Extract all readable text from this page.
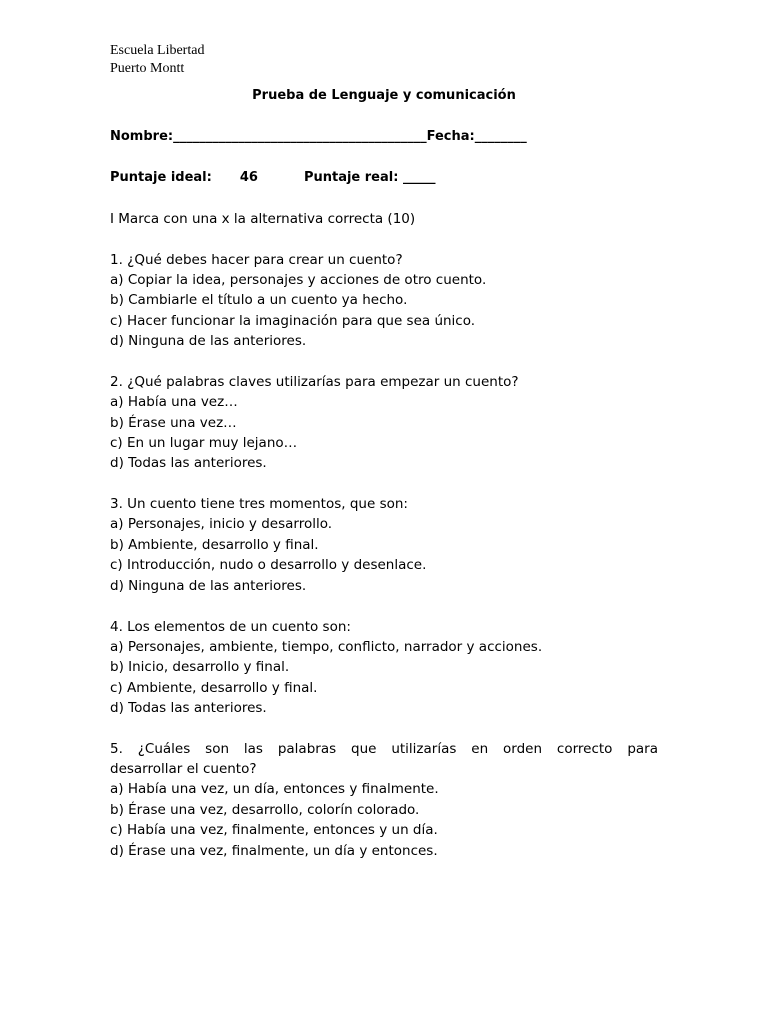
Escuela Libertad
Puerto Montt
Prueba de Lenguaje y comunicación
Nombre:_______________________________________Fecha:________
Puntaje ideal: 46	Puntaje real: _____
I Marca con una x la alternativa correcta (10)
1. ¿Qué debes hacer para crear un cuento?
a) Copiar la idea, personajes y acciones de otro cuento.
b) Cambiarle el título a un cuento ya hecho.
c) Hacer funcionar la imaginación para que sea único.
d) Ninguna de las anteriores.
2. ¿Qué palabras claves utilizarías para empezar un cuento?
a) Había una vez…
b) Érase una vez…
c) En un lugar muy lejano…
d) Todas las anteriores.
3. Un cuento tiene tres momentos, que son:
a) Personajes, inicio y desarrollo.
b) Ambiente, desarrollo y final.
c) Introducción, nudo o desarrollo y desenlace.
d) Ninguna de las anteriores.
4. Los elementos de un cuento son:
a) Personajes, ambiente, tiempo, conflicto, narrador y acciones.
b) Inicio, desarrollo y final.
c) Ambiente, desarrollo y final.
d) Todas las anteriores.
5. ¿Cuáles son las palabras que utilizarías en orden correcto para
desarrollar el cuento?
a) Había una vez, un día, entonces y finalmente.
b) Érase una vez, desarrollo, colorín colorado.
c) Había una vez, finalmente, entonces y un día.
d) Érase una vez, finalmente, un día y entonces.
